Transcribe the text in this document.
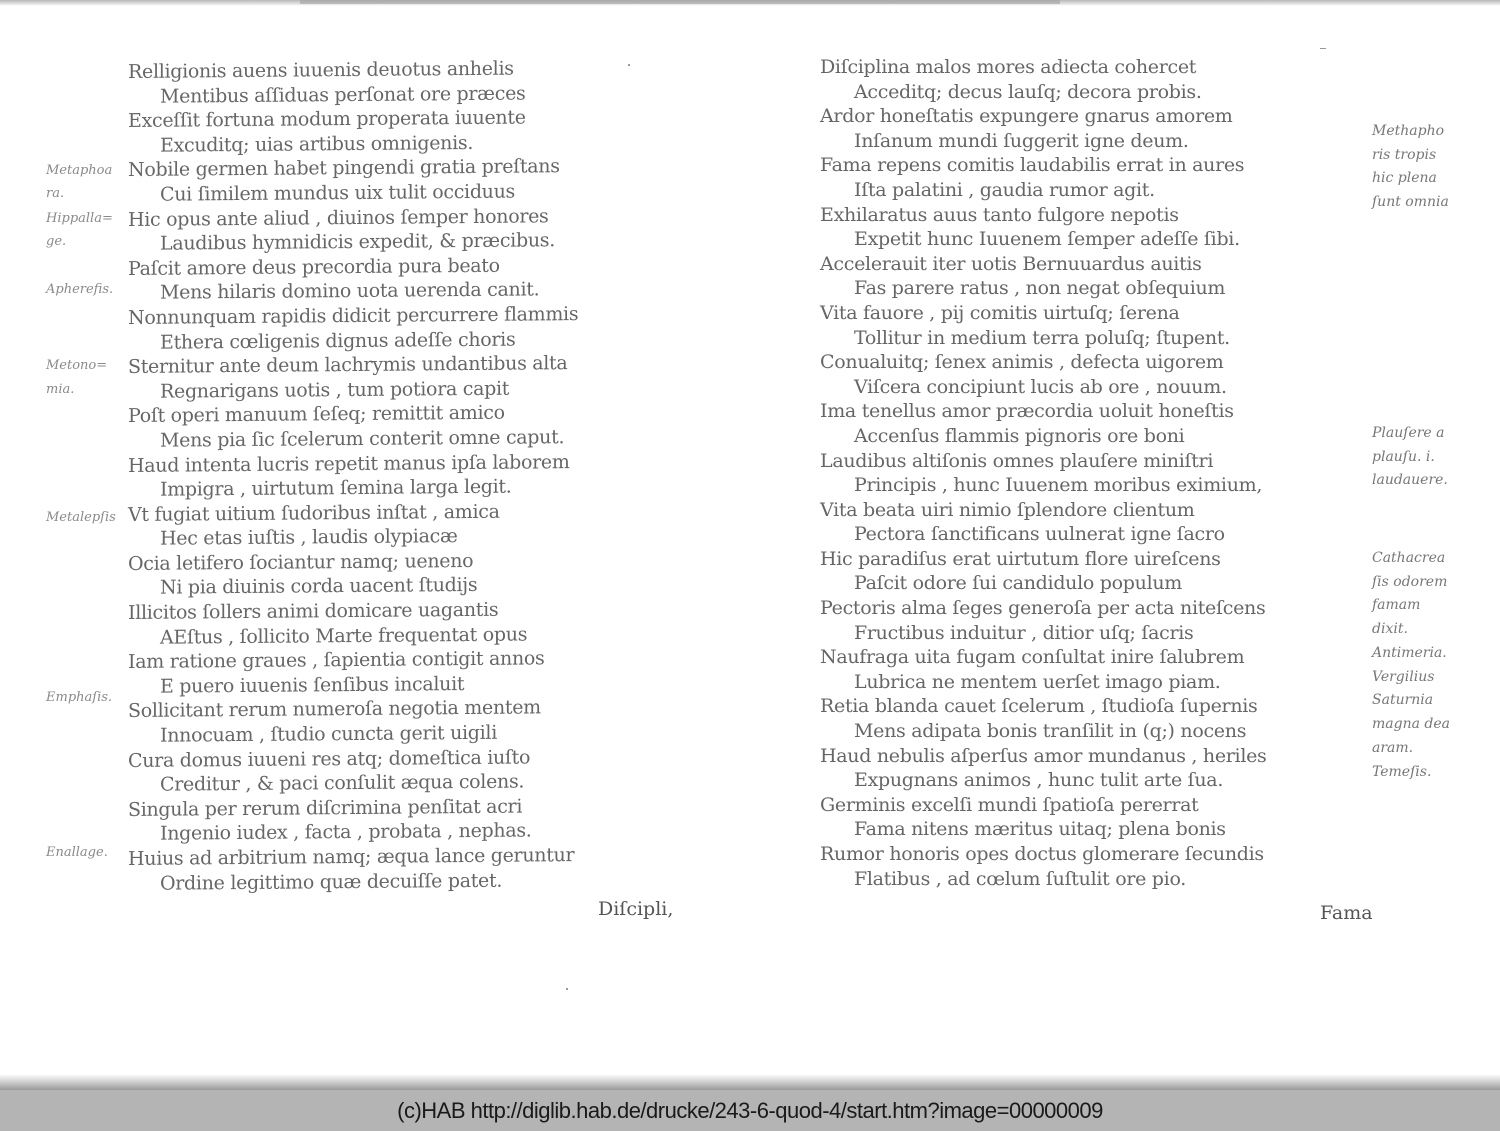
Relligionis auens iuuenis deuotus anhelis
Mentibus aſſiduas perſonat ore præces
Exceſſit fortuna modum properata iuuente
Excuditq; uias artibus omnigenis.
Nobile germen habet pingendi gratia preſtans
Cui ſimilem mundus uix tulit occiduus
Hic opus ante aliud , diuinos ſemper honores
Laudibus hymnidicis expedit, & præcibus.
Paſcit amore deus precordia pura beato
Mens hilaris domino uota uerenda canit.
Nonnunquam rapidis didicit percurrere flammis
Ethera cœligenis dignus adeſſe choris
Sternitur ante deum lachrymis undantibus alta
Regnarigans uotis , tum potiora capit
Poſt operi manuum ſeſeq; remittit amico
Mens pia ſic ſcelerum conterit omne caput.
Haud intenta lucris repetit manus ipſa laborem
Impigra , uirtutum ſemina larga legit.
Vt fugiat uitium ſudoribus inſtat , amica
Hec etas iuſtis , laudis olypiacæ
Ocia letifero ſociantur namq; ueneno
Ni pia diuinis corda uacent ſtudijs
Illicitos ſollers animi domicare uagantis
AEſtus , ſollicito Marte frequentat opus
Iam ratione graues , ſapientia contigit annos
E puero iuuenis ſenſibus incaluit
Sollicitant rerum numeroſa negotia mentem
Innocuam , ſtudio cuncta gerit uigili
Cura domus iuueni res atq; domeſtica iuſto
Creditur , & paci conſulit æqua colens.
Singula per rerum diſcrimina penſitat acri
Ingenio iudex , facta , probata , nephas.
Huius ad arbitrium namq; æqua lance geruntur
Ordine legittimo quæ decuiſſe patet.
Metaphoa
ra.
Hippalla=
ge.
Apherefis.
Metono=
mia.
Metalepſis
Emphaſis.
Enallage.
Diſcipli,
Diſciplina malos mores adiecta cohercet
Acceditq; decus lauſq; decora probis.
Ardor honeſtatis expungere gnarus amorem
Inſanum mundi ſuggerit igne deum.
Fama repens comitis laudabilis errat in aures
Iſta palatini , gaudia rumor agit.
Exhilaratus auus tanto fulgore nepotis
Expetit hunc Iuuenem ſemper adeſſe ſibi.
Accelerauit iter uotis Bernuuardus auitis
Fas parere ratus , non negat obſequium
Vita fauore , pij comitis uirtuſq; ſerena
Tollitur in medium terra poluſq; ſtupent.
Conualuitq; ſenex animis , defecta uigorem
Viſcera concipiunt lucis ab ore , nouum.
Ima tenellus amor præcordia uoluit honeſtis
Accenſus flammis pignoris ore boni
Laudibus altiſonis omnes plauſere miniſtri
Principis , hunc Iuuenem moribus eximium,
Vita beata uiri nimio ſplendore clientum
Pectora ſanctificans uulnerat igne ſacro
Hic paradiſus erat uirtutum flore uireſcens
Paſcit odore ſui candidulo populum
Pectoris alma ſeges generoſa per acta niteſcens
Fructibus induitur , ditior uſq; ſacris
Naufraga uita fugam conſultat inire ſalubrem
Lubrica ne mentem uerſet imago piam.
Retia blanda cauet ſcelerum , ſtudioſa ſupernis
Mens adipata bonis tranſilit in (q;) nocens
Haud nebulis aſperſus amor mundanus , heriles
Expugnans animos , hunc tulit arte ſua.
Germinis excelſi mundi ſpatioſa pererrat
Fama nitens mæritus uitaq; plena bonis
Rumor honoris opes doctus glomerare ſecundis
Flatibus , ad cœlum ſuſtulit ore pio.
Methapho
ris tropis
hic plena
ſunt omnia
Plauſere a
plauſu. i.
laudauere.
Cathacrea
ſis odorem
famam
dixit.
Antimeria.
Vergilius
Saturnia
magna dea
aram.
Temeſis.
Fama
(c)HAB http://diglib.hab.de/drucke/243-6-quod-4/start.htm?image=00000009
